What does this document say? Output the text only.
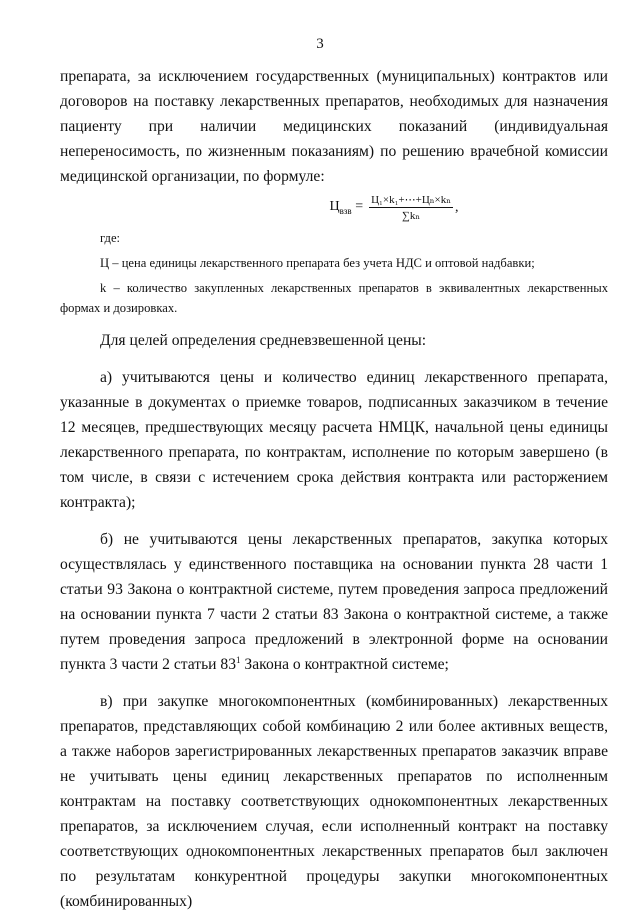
3

препарата, за исключением государственных (муниципальных) контрактов или договоров на поставку лекарственных препаратов, необходимых для назначения пациенту при наличии медицинских показаний (индивидуальная непереносимость, по жизненным показаниям) по решению врачебной комиссии медицинской организации, по формуле:

$Ц_{взв} = \frac{\text{Ц₁×k₁+⋯+Цₙ×kₙ}}{\text{∑kₙ}}$ ,

где:

Ц – цена единицы лекарственного препарата без учета НДС и оптовой надбавки;

k – количество закупленных лекарственных препаратов в эквивалентных лекарственных формах и дозировках.

Для целей определения средневзвешенной цены:

а) учитываются цены и количество единиц лекарственного препарата, указанные в документах о приемке товаров, подписанных заказчиком в течение 12 месяцев, предшествующих месяцу расчета НМЦК, начальной цены единицы лекарственного препарата, по контрактам, исполнение по которым завершено (в том числе, в связи с истечением срока действия контракта или расторжением контракта);

б) не учитываются цены лекарственных препаратов, закупка которых осуществлялась у единственного поставщика на основании пункта 28 части 1 статьи 93 Закона о контрактной системе, путем проведения запроса предложений на основании пункта 7 части 2 статьи 83 Закона о контрактной системе, а также путем проведения запроса предложений в электронной форме на основании пункта 3 части 2 статьи $83^1$ Закона о контрактной системе;

в) при закупке многокомпонентных (комбинированных) лекарственных препаратов, представляющих собой комбинацию 2 или более активных веществ, а также наборов зарегистрированных лекарственных препаратов заказчик вправе не учитывать цены единиц лекарственных препаратов по исполненным контрактам на поставку соответствующих однокомпонентных лекарственных препаратов, за исключением случая, если исполненный контракт на поставку соответствующих однокомпонентных лекарственных препаратов был заключен по результатам конкурентной процедуры закупки многокомпонентных (комбинированных)
